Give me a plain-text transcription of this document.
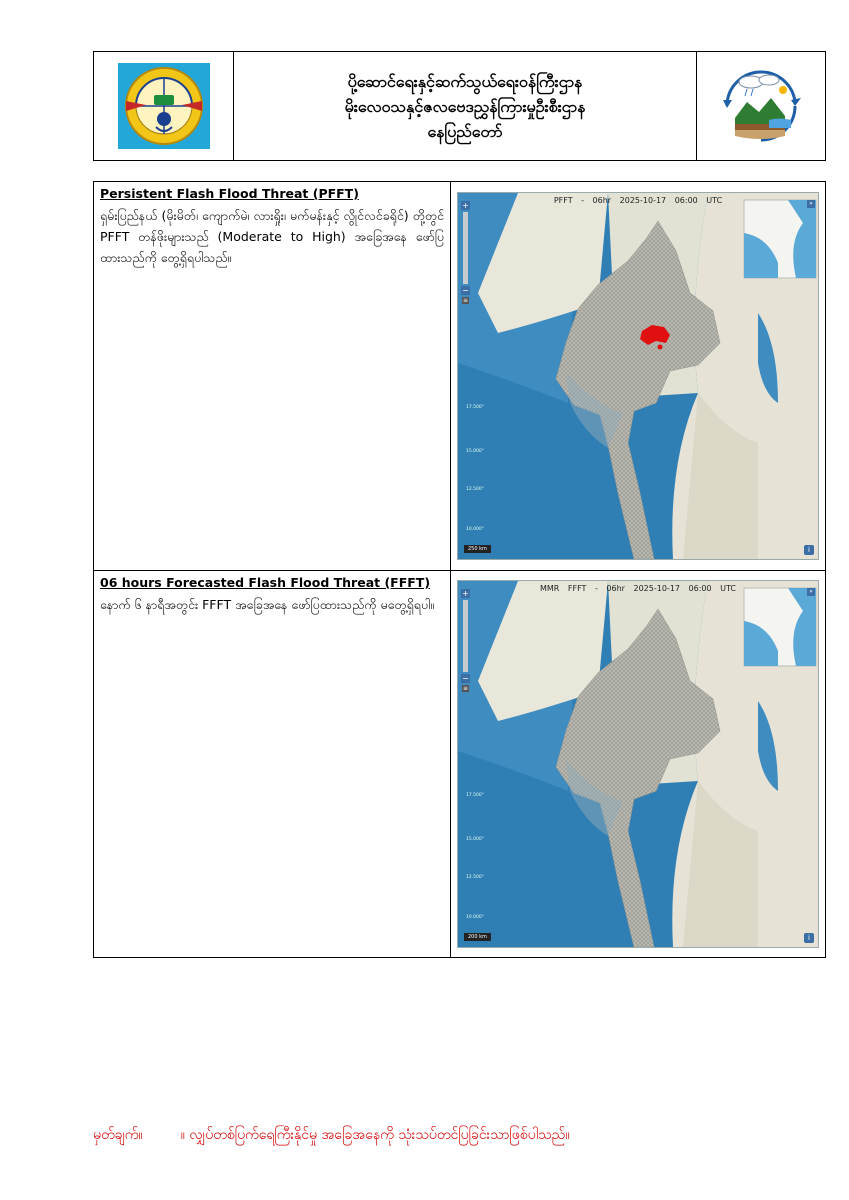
ပို့ဆောင်ရေးနှင့်ဆက်သွယ်ရေးဝန်ကြီးဌာန
မိုးလေဝသနှင့်ဇလဗေဒညွှန်ကြားမှုဦးစီးဌာန
နေပြည်တော်
Persistent Flash Flood Threat (PFFT)
ရှမ်းပြည်နယ် (မိုးမိတ်၊ ကျောက်မဲ၊ လားရှိုး၊ မက်မန်းနှင့် လွိုင်လင်ခရိုင်) တို့တွင် PFFT တန်ဖိုးများသည် (Moderate to High) အခြေအနေ ဖော်ပြထားသည်ကို တွေ့ရှိရပါသည်။
PFFT - 06hr 2025-10-17 06:00 UTC
+
−
≡
»
17.500°
15.000°
12.500°
10.000°
250 km	i
06 hours Forecasted Flash Flood Threat (FFFT)
နောက် ၆ နာရီအတွင်း FFFT အခြေအနေ ဖော်ပြထားသည်ကို မတွေ့ရှိရပါ။
MMR FFFT - 06hr 2025-10-17 06:00 UTC
+
−
≡
»
17.500°
15.000°
12.500°
10.000°
200 km	i
မှတ်ချက်။	။ လျှပ်တစ်ပြက်ရေကြီးနိုင်မှု အခြေအနေကို သုံးသပ်တင်ပြခြင်းသာဖြစ်ပါသည်။
